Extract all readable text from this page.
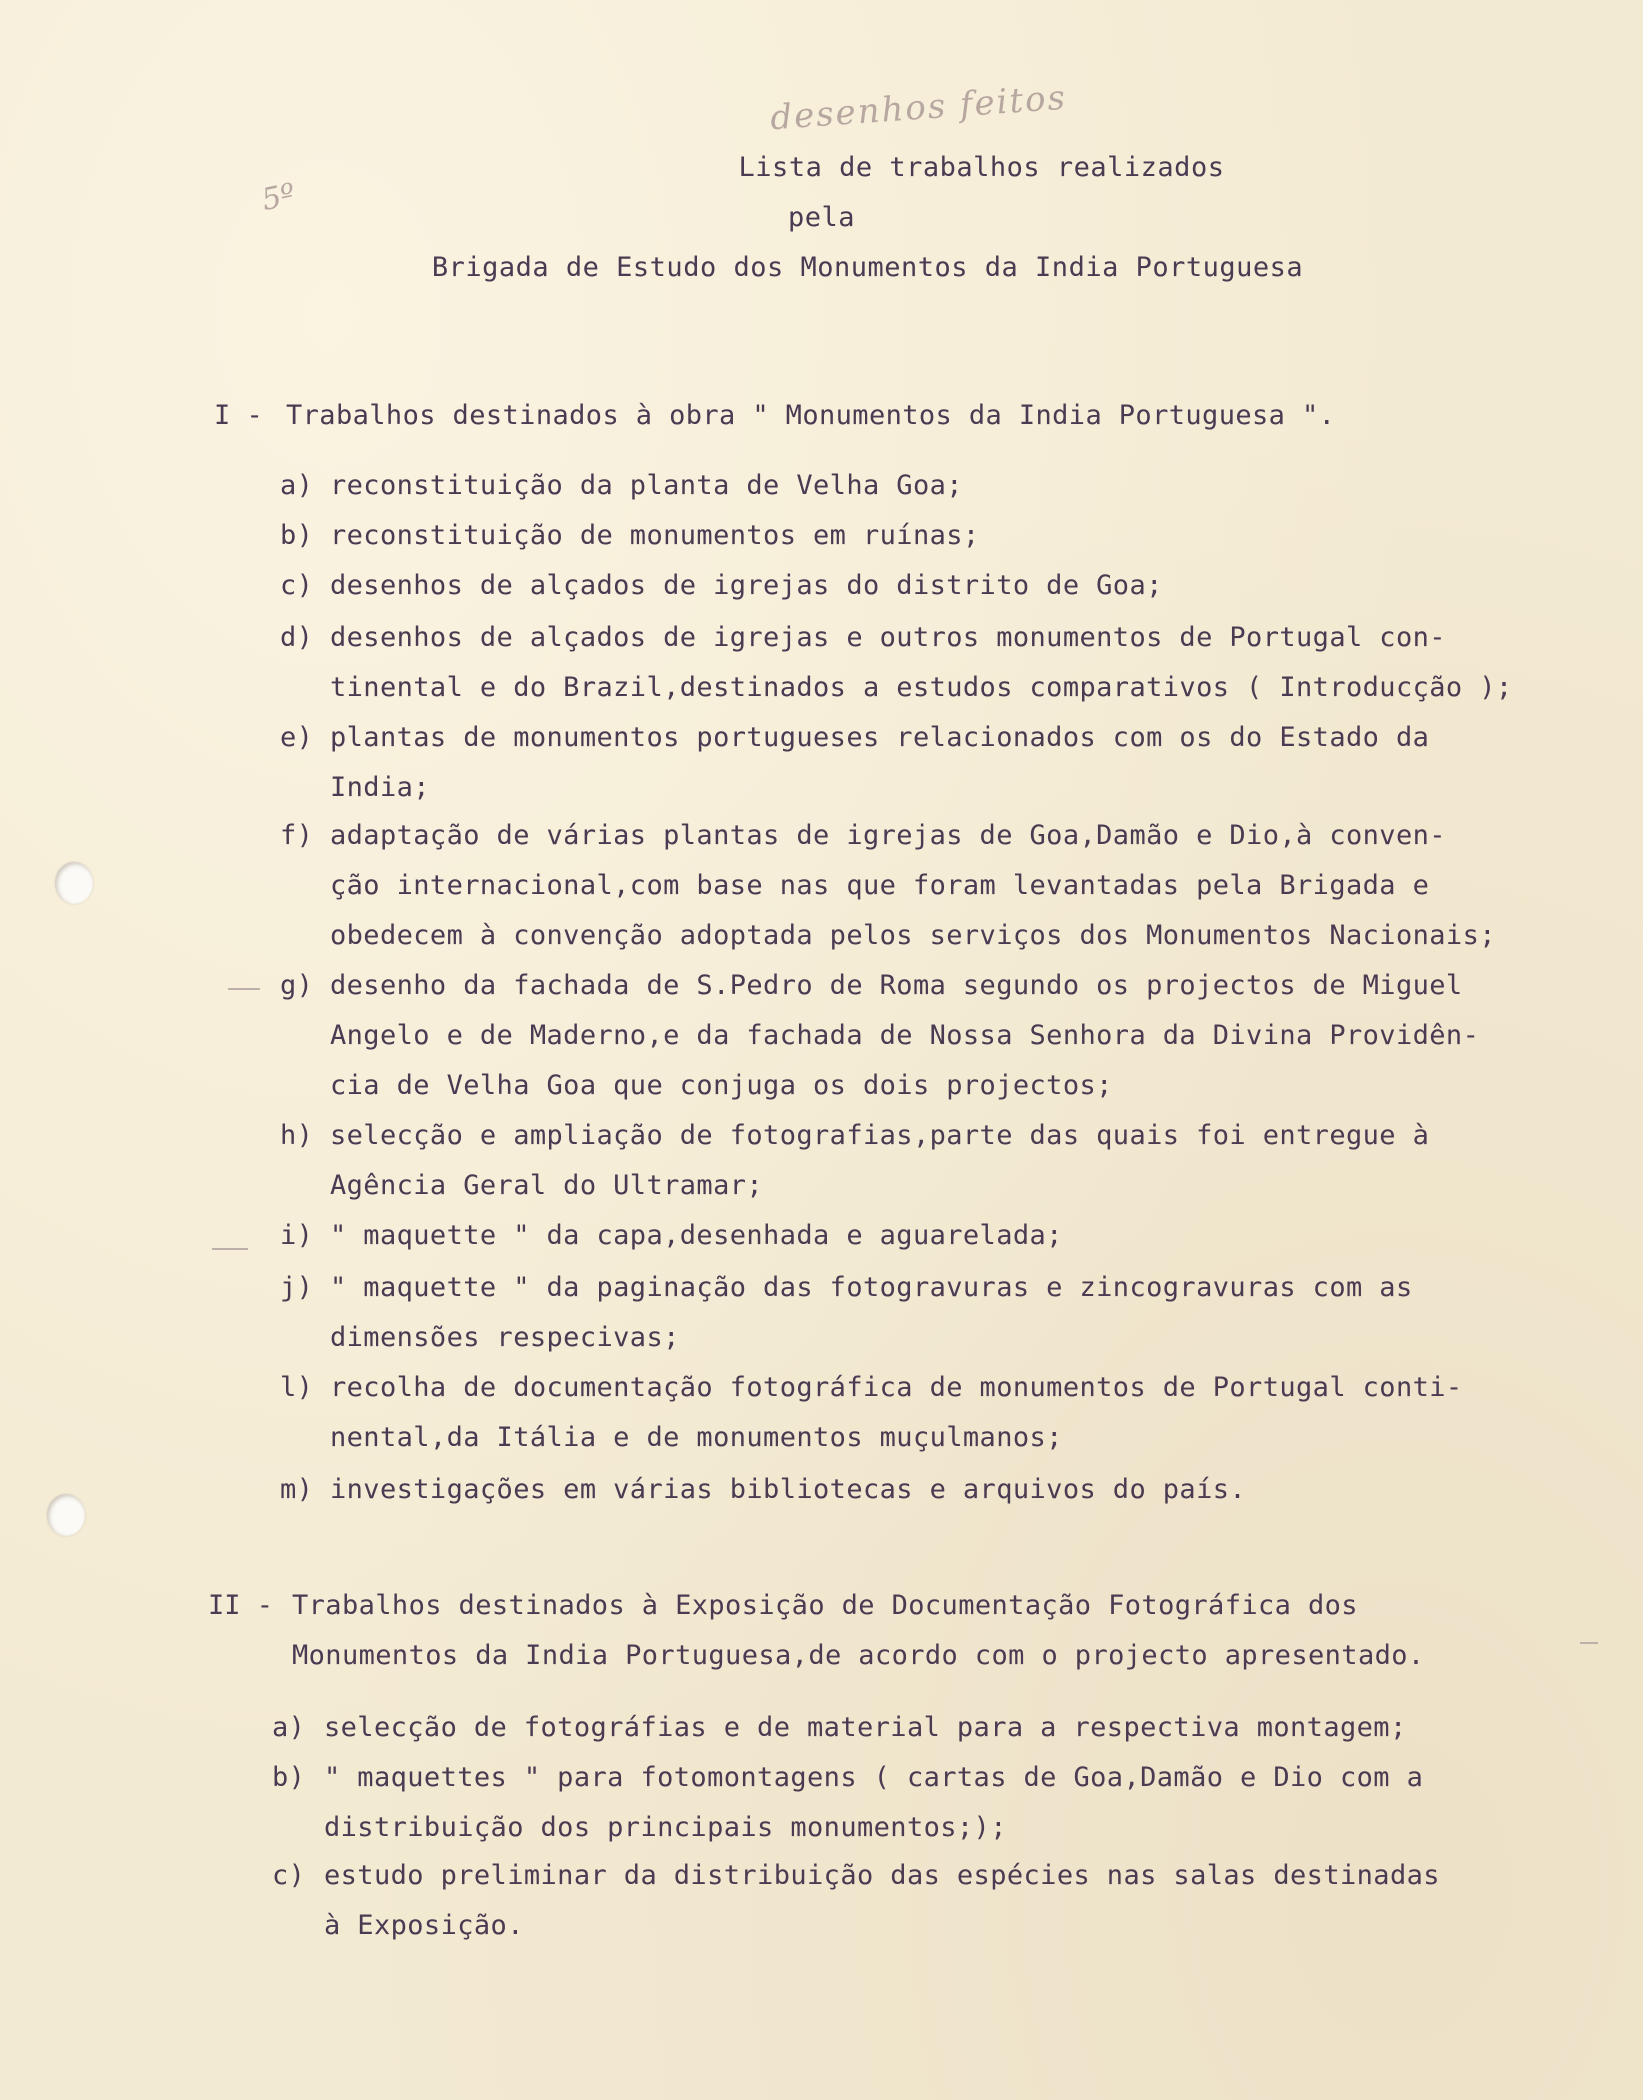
desenhos feitos
5º
Lista de trabalhos realizados
pela
Brigada de Estudo dos Monumentos da India Portuguesa
I - Trabalhos destinados à obra " Monumentos da India Portuguesa ".
a) reconstituição da planta de Velha Goa;
b) reconstituição de monumentos em ruínas;
c) desenhos de alçados de igrejas do distrito de Goa;
d) desenhos de alçados de igrejas e outros monumentos de Portugal con-
tinental e do Brazil,destinados a estudos comparativos ( Introducção );
e) plantas de monumentos portugueses relacionados com os do Estado da
India;
f) adaptação de várias plantas de igrejas de Goa,Damão e Dio,à conven-
ção internacional,com base nas que foram levantadas pela Brigada e
obedecem à convenção adoptada pelos serviços dos Monumentos Nacionais;
g) desenho da fachada de S.Pedro de Roma segundo os projectos de Miguel
Angelo e de Maderno,e da fachada de Nossa Senhora da Divina Providên-
cia de Velha Goa que conjuga os dois projectos;
h) selecção e ampliação de fotografias,parte das quais foi entregue à
Agência Geral do Ultramar;
i) " maquette " da capa,desenhada e aguarelada;
j) " maquette " da paginação das fotogravuras e zincogravuras com as
dimensões respecivas;
l) recolha de documentação fotográfica de monumentos de Portugal conti-
nental,da Itália e de monumentos muçulmanos;
m) investigações em várias bibliotecas e arquivos do país.
II - Trabalhos destinados à Exposição de Documentação Fotográfica dos
Monumentos da India Portuguesa,de acordo com o projecto apresentado.
a) selecção de fotográfias e de material para a respectiva montagem;
b) " maquettes " para fotomontagens ( cartas de Goa,Damão e Dio com a
distribuição dos principais monumentos;);
c) estudo preliminar da distribuição das espécies nas salas destinadas
à Exposição.
